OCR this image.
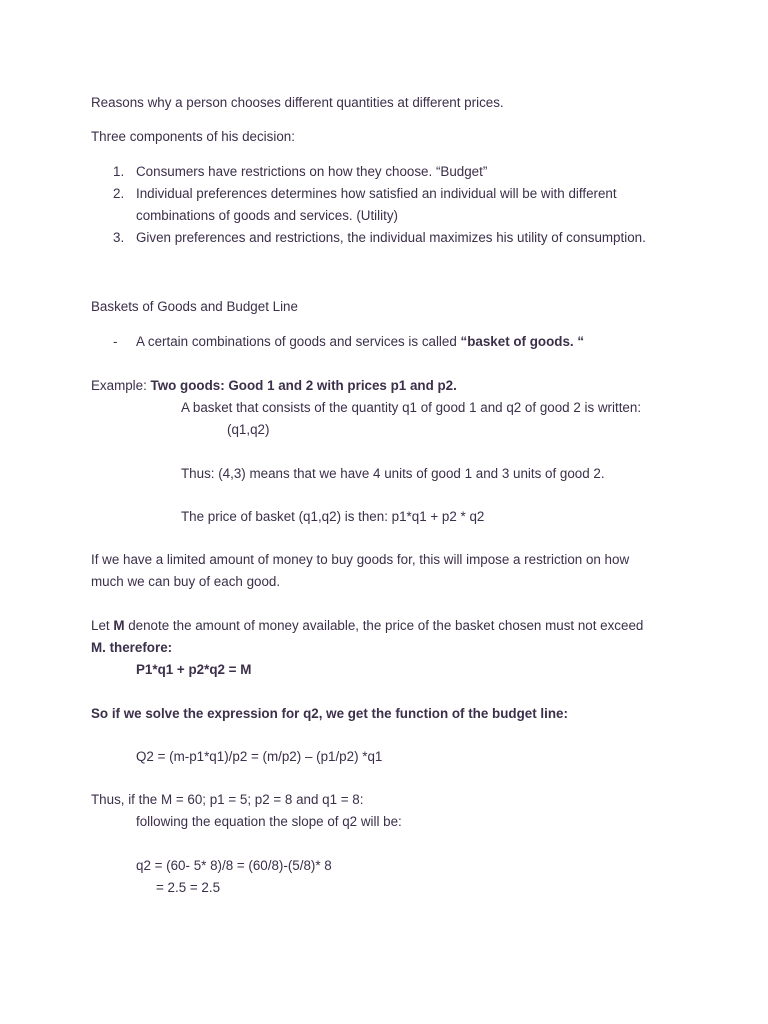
Reasons why a person chooses different quantities at different prices.
Three components of his decision:
1. Consumers have restrictions on how they choose. “Budget”
2. Individual preferences determines how satisfied an individual will be with different
combinations of goods and services. (Utility)
3. Given preferences and restrictions, the individual maximizes his utility of consumption.
Baskets of Goods and Budget Line
- A certain combinations of goods and services is called “basket of goods. “
Example: Two goods: Good 1 and 2 with prices p1 and p2.
A basket that consists of the quantity q1 of good 1 and q2 of good 2 is written:
(q1,q2)
Thus: (4,3) means that we have 4 units of good 1 and 3 units of good 2.
The price of basket (q1,q2) is then: p1*q1 + p2 * q2
If we have a limited amount of money to buy goods for, this will impose a restriction on how
much we can buy of each good.
Let M denote the amount of money available, the price of the basket chosen must not exceed
M. therefore:
P1*q1 + p2*q2 = M
So if we solve the expression for q2, we get the function of the budget line:
Q2 = (m-p1*q1)/p2 = (m/p2) – (p1/p2) *q1
Thus, if the M = 60; p1 = 5; p2 = 8 and q1 = 8:
following the equation the slope of q2 will be:
q2 = (60- 5* 8)/8 = (60/8)-(5/8)* 8
= 2.5 = 2.5
